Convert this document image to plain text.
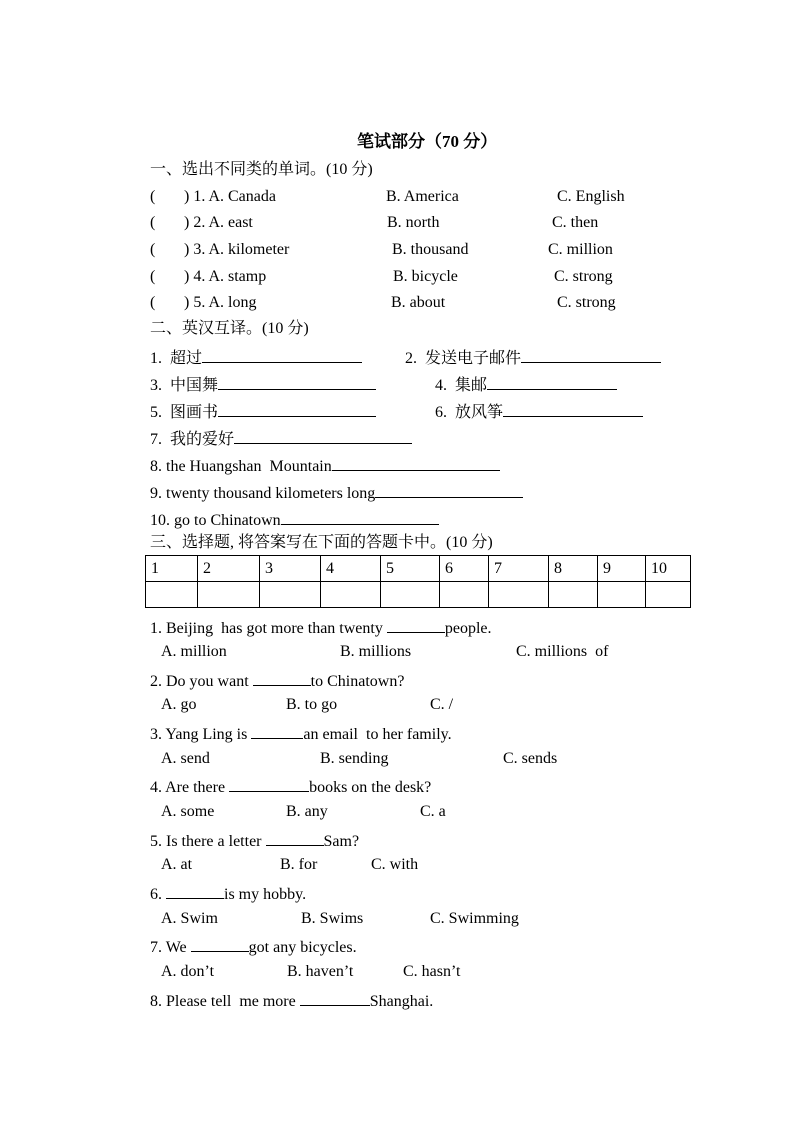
笔试部分（70 分）
一、选出不同类的单词。(10 分)
( ) 1. A. Canada	B. America	C. English
( ) 2. A. east	B. north	C. then
( ) 3. A. kilometer	B. thousand	C. million
( ) 4. A. stamp	B. bicycle	C. strong
( ) 5. A. long	B. about	C. strong
二、英汉互译。(10 分)
1.  超过	2.  发送电子邮件
3.  中国舞	4.  集邮
5.  图画书	6.  放风筝
7.  我的爱好
8. the Huangshan  Mountain
9. twenty thousand kilometers long
10. go to Chinatown
三、选择题, 将答案写在下面的答题卡中。(10 分)
1	2	3	4	5	6	7	8	9	10

1. Beijing  has got more than twenty	people.
A. million	B. millions	C. millions  of
2. Do you want	to Chinatown?
A. go	B. to go	C. /
3. Yang Ling is	an email  to her family.
A. send	B. sending	C. sends
4. Are there	books on the desk?
A. some	B. any	C. a
5. Is there a letter	Sam?
A. at	B. for	C. with
6.	is my hobby.
A. Swim	B. Swims	C. Swimming
7. We	got any bicycles.
A. don’t	B. haven’t	C. hasn’t
8. Please tell  me more	Shanghai.
